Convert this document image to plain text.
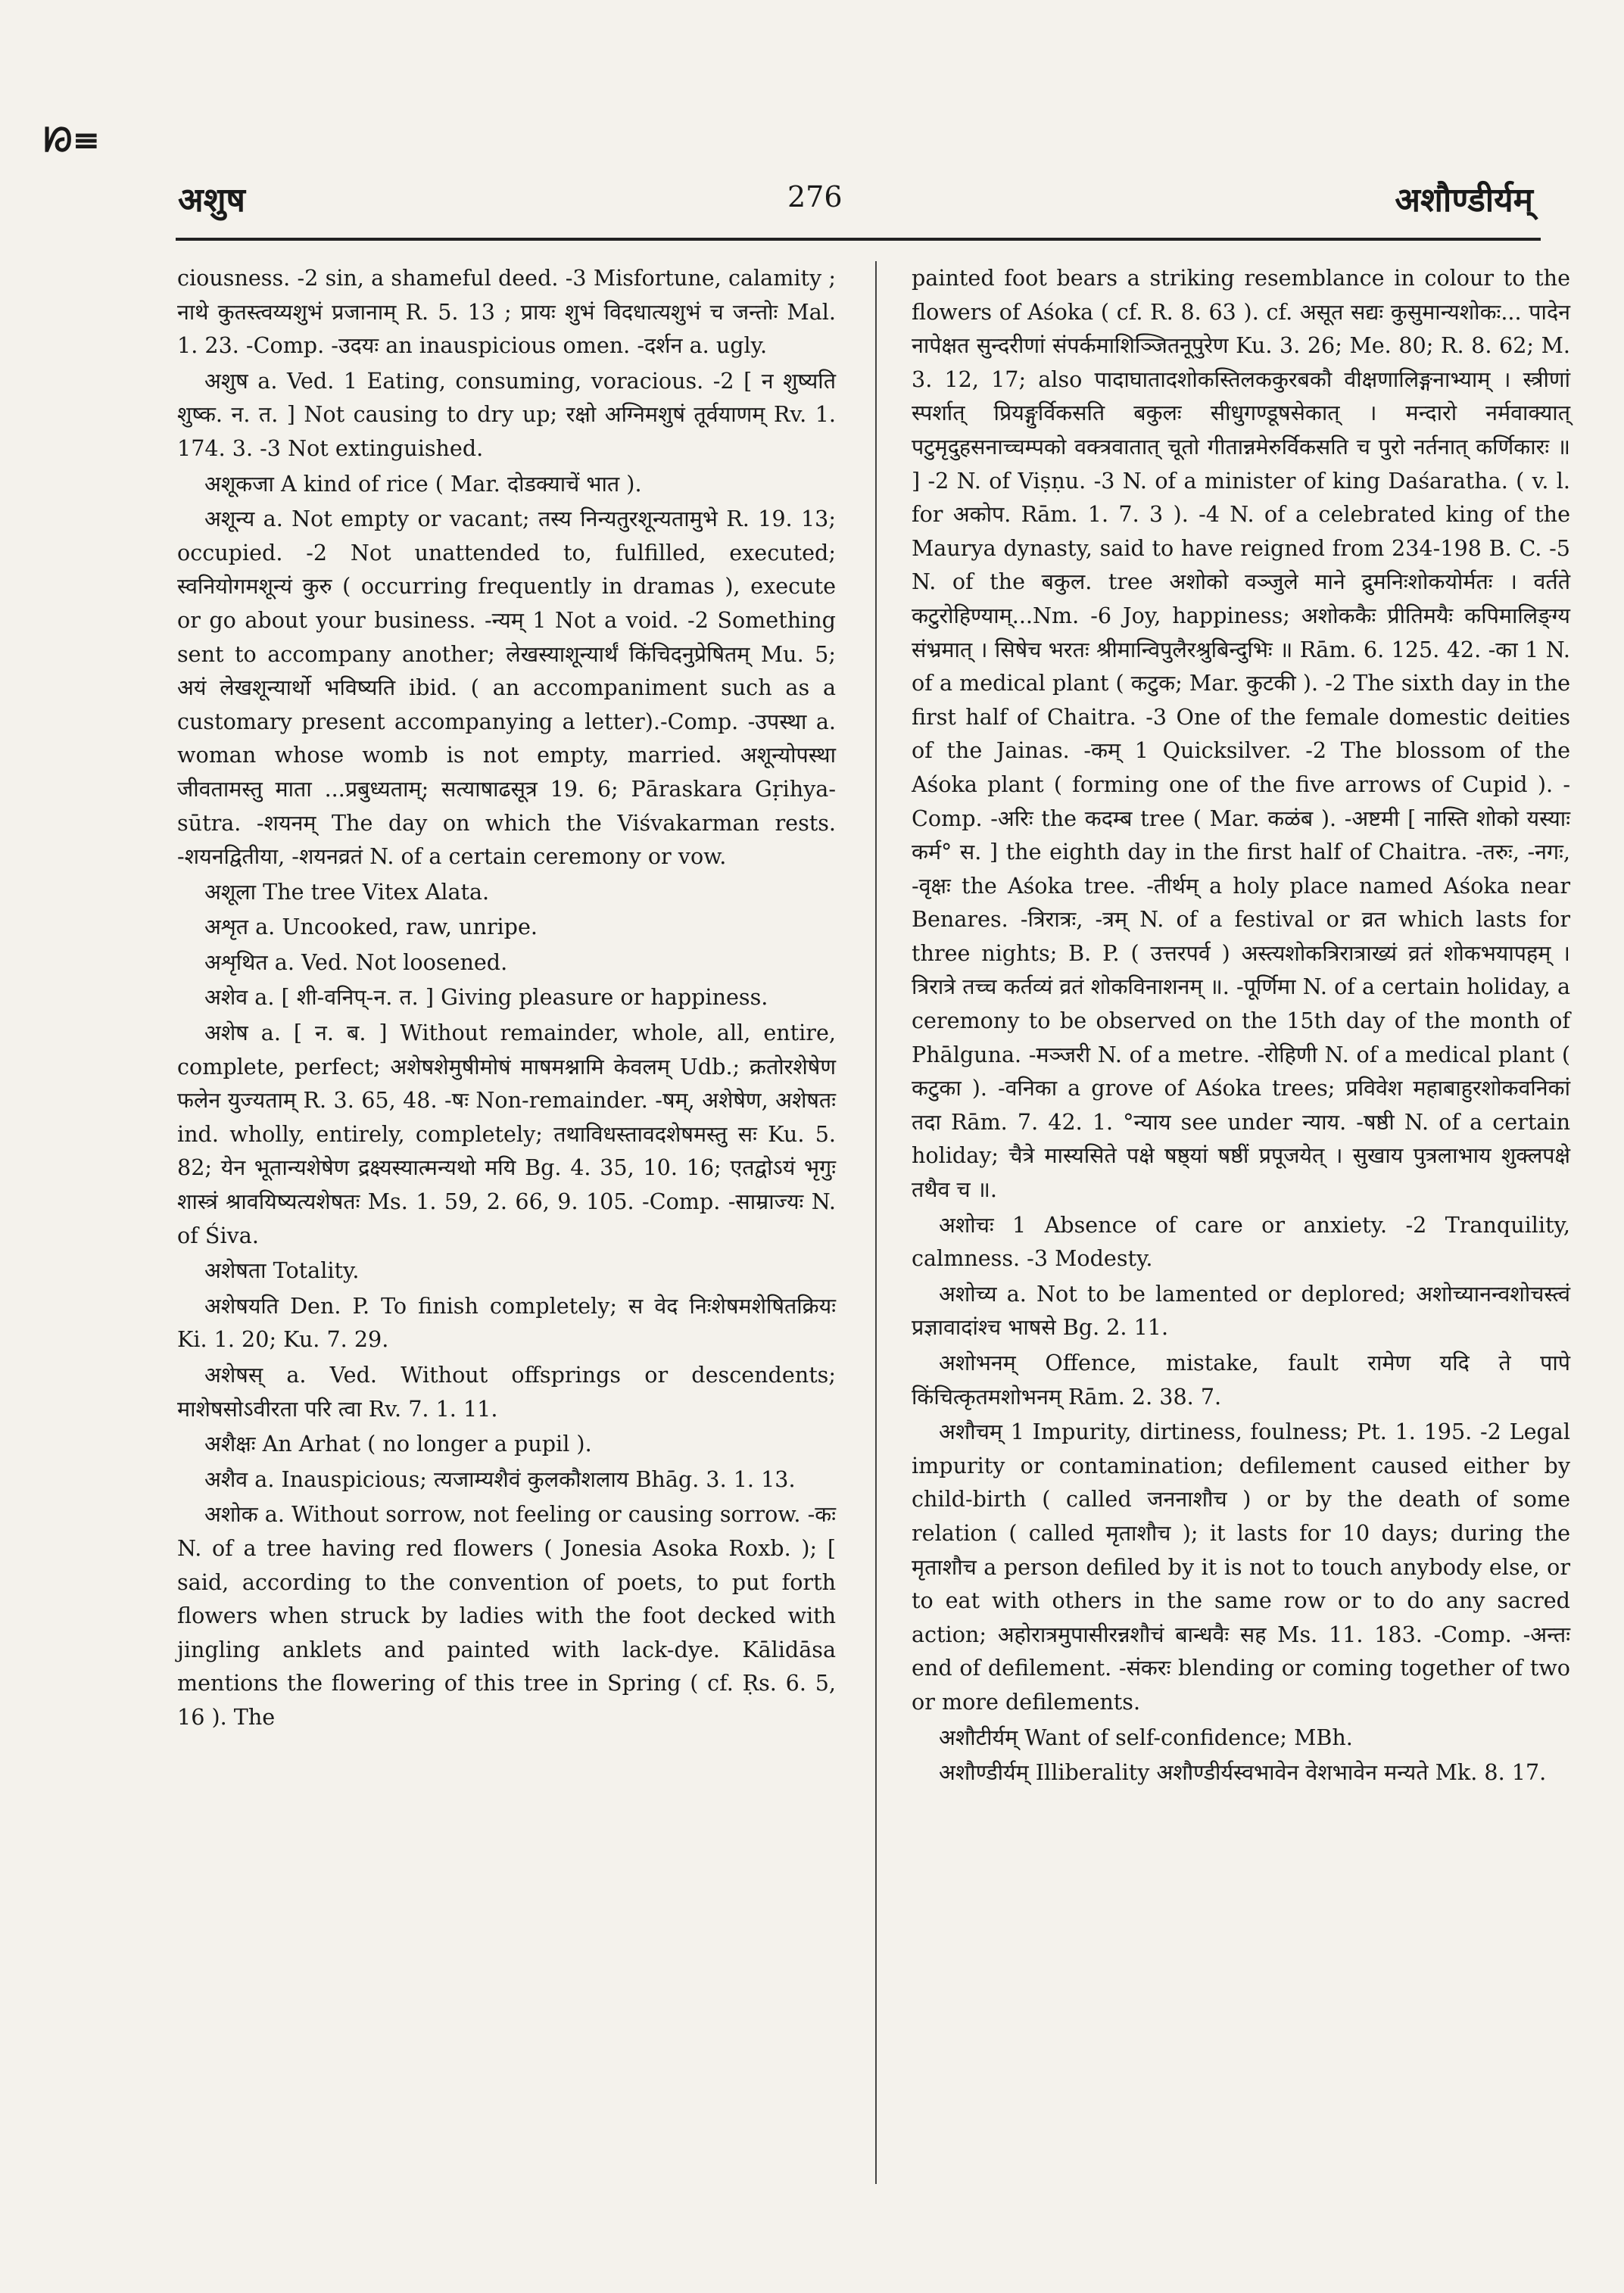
ᘗ≡
अशुष	276	अशौण्डीर्यम्

ciousness. -2 sin, a shameful deed. -3 Misfortune, calamity ; नाथे कुतस्त्वय्यशुभं प्रजानाम् R. 5. 13 ; प्रायः शुभं विदधात्यशुभं च जन्तोः Mal. 1. 23. -Comp. -उदयः an inauspicious omen. -दर्शन a. ugly.

अशुष a. Ved. 1 Eating, consuming, voracious. -2 [ न शुष्यति शुष्क. न. त. ] Not causing to dry up; रक्षो अग्निमशुषं तूर्वयाणम् Rv. 1. 174. 3. -3 Not extinguished.

अशूकजा A kind of rice ( Mar. दोडक्याचें भात ).

अशून्य a. Not empty or vacant; तस्य निन्यतुरशून्यतामुभे R. 19. 13; occupied. -2 Not unattended to, fulfilled, executed; स्वनियोगमशून्यं कुरु ( occurring frequently in dramas ), execute or go about your business. -न्यम् 1 Not a void. -2 Something sent to accompany another; लेखस्याशून्यार्थं किंचिदनुप्रेषितम् Mu. 5; अयं लेखशून्यार्थो भविष्यति ibid. ( an accompaniment such as a customary present accompanying a letter).-Comp. -उपस्था a. woman whose womb is not empty, married. अशून्योपस्था जीवतामस्तु माता ...प्रबुध्यताम्; सत्याषाढसूत्र 19. 6; Pāraskara Gṛihya-sūtra. -शयनम् The day on which the Viśvakarman rests. -शयनद्वितीया, -शयनव्रतं N. of a certain ceremony or vow.

अशूला The tree Vitex Alata.

अशृत a. Uncooked, raw, unripe.

अशृथित a. Ved. Not loosened.

अशेव a. [ शी-वनिप्-न. त. ] Giving pleasure or happiness.

अशेष a. [ न. ब. ] Without remainder, whole, all, entire, complete, perfect; अशेषशेमुषीमोषं माषमश्नामि केवलम् Udb.; क्रतोरशेषेण फलेन युज्यताम् R. 3. 65, 48. -षः Non-remainder. -षम्, अशेषेण, अशेषतः ind. wholly, entirely, completely; तथाविधस्तावदशेषमस्तु सः Ku. 5. 82; येन भूतान्यशेषेण द्रक्ष्यस्यात्मन्यथो मयि Bg. 4. 35, 10. 16; एतद्वोऽयं भृगुः शास्त्रं श्रावयिष्यत्यशेषतः Ms. 1. 59, 2. 66, 9. 105. -Comp. -साम्राज्यः N. of Śiva.

अशेषता Totality.

अशेषयति Den. P. To finish completely; स वेद निःशेषमशेषितक्रियः Ki. 1. 20; Ku. 7. 29.

अशेषस् a. Ved. Without offsprings or descendents; माशेषसोऽवीरता परि त्वा Rv. 7. 1. 11.

अशैक्षः An Arhat ( no longer a pupil ).

अशैव a. Inauspicious; त्यजाम्यशैवं कुलकौशलाय Bhāg. 3. 1. 13.

अशोक a. Without sorrow, not feeling or causing sorrow. -कः N. of a tree having red flowers ( Jonesia Asoka Roxb. ); [ said, according to the convention of poets, to put forth flowers when struck by ladies with the foot decked with jingling anklets and painted with lack-dye. Kālidāsa mentions the flowering of this tree in Spring ( cf. Ṛs. 6. 5, 16 ). The

painted foot bears a striking resemblance in colour to the flowers of Aśoka ( cf. R. 8. 63 ). cf. असूत सद्यः कुसुमान्यशोकः... पादेन नापेक्षत सुन्दरीणां संपर्कमाशिञ्जितनूपुरेण Ku. 3. 26; Me. 80; R. 8. 62; M. 3. 12, 17; also पादाघातादशोकस्तिलककुरबकौ वीक्षणालिङ्गनाभ्याम् । स्त्रीणां स्पर्शात् प्रियङ्गुर्विकसति बकुलः सीधुगण्डूषसेकात् । मन्दारो नर्मवाक्यात् पटुमृदुहसनाच्चम्पको वक्त्रवातात् चूतो गीतान्नमेरुर्विकसति च पुरो नर्तनात् कर्णिकारः ॥ ] -2 N. of Viṣṇu. -3 N. of a minister of king Daśaratha. ( v. l. for अकोप. Rām. 1. 7. 3 ). -4 N. of a celebrated king of the Maurya dynasty, said to have reigned from 234-198 B. C. -5 N. of the बकुल. tree अशोको वञ्जुले माने द्रुमनिःशोकयोर्मतः । वर्तते कटुरोहिण्याम्...Nm. -6 Joy, happiness; अशोककैः प्रीतिमयैः कपिमालिङ्ग्य संभ्रमात् । सिषेच भरतः श्रीमान्विपुलैरश्रुबिन्दुभिः ॥ Rām. 6. 125. 42. -का 1 N. of a medical plant ( कटुक; Mar. कुटकी ). -2 The sixth day in the first half of Chaitra. -3 One of the female domestic deities of the Jainas. -कम् 1 Quicksilver. -2 The blossom of the Aśoka plant ( forming one of the five arrows of Cupid ). -Comp. -अरिः the कदम्ब tree ( Mar. कळंब ). -अष्टमी [ नास्ति शोको यस्याः कर्म° स. ] the eighth day in the first half of Chaitra. -तरुः, -नगः, -वृक्षः the Aśoka tree. -तीर्थम् a holy place named Aśoka near Benares. -त्रिरात्रः, -त्रम् N. of a festival or व्रत which lasts for three nights; B. P. ( उत्तरपर्व ) अस्त्यशोकत्रिरात्राख्यं व्रतं शोकभयापहम् । त्रिरात्रे तच्च कर्तव्यं व्रतं शोकविनाशनम् ॥. -पूर्णिमा N. of a certain holiday, a ceremony to be observed on the 15th day of the month of Phālguna. -मञ्जरी N. of a metre. -रोहिणी N. of a medical plant ( कटुका ). -वनिका a grove of Aśoka trees; प्रविवेश महाबाहुरशोकवनिकां तदा Rām. 7. 42. 1. °न्याय see under न्याय. -षष्ठी N. of a certain holiday; चैत्रे मास्यसिते पक्षे षष्ठ्यां षष्ठीं प्रपूजयेत् । सुखाय पुत्रलाभाय शुक्लपक्षे तथैव च ॥.

अशोचः 1 Absence of care or anxiety. -2 Tranquility, calmness. -3 Modesty.

अशोच्य a. Not to be lamented or deplored; अशोच्यानन्वशोचस्त्वं प्रज्ञावादांश्च भाषसे Bg. 2. 11.

अशोभनम् Offence, mistake, fault रामेण यदि ते पापे किंचित्कृतमशोभनम् Rām. 2. 38. 7.

अशौचम् 1 Impurity, dirtiness, foulness; Pt. 1. 195. -2 Legal impurity or contamination; defilement caused either by child-birth ( called जननाशौच ) or by the death of some relation ( called मृताशौच ); it lasts for 10 days; during the मृताशौच a person defiled by it is not to touch anybody else, or to eat with others in the same row or to do any sacred action; अहोरात्रमुपासीरन्नशौचं बान्धवैः सह Ms. 11. 183. -Comp. -अन्तः end of defilement. -संकरः blending or coming together of two or more defilements.

अशौटीर्यम् Want of self-confidence; MBh.

अशौण्डीर्यम् Illiberality अशौण्डीर्यस्वभावेन वेशभावेन मन्यते Mk. 8. 17.
